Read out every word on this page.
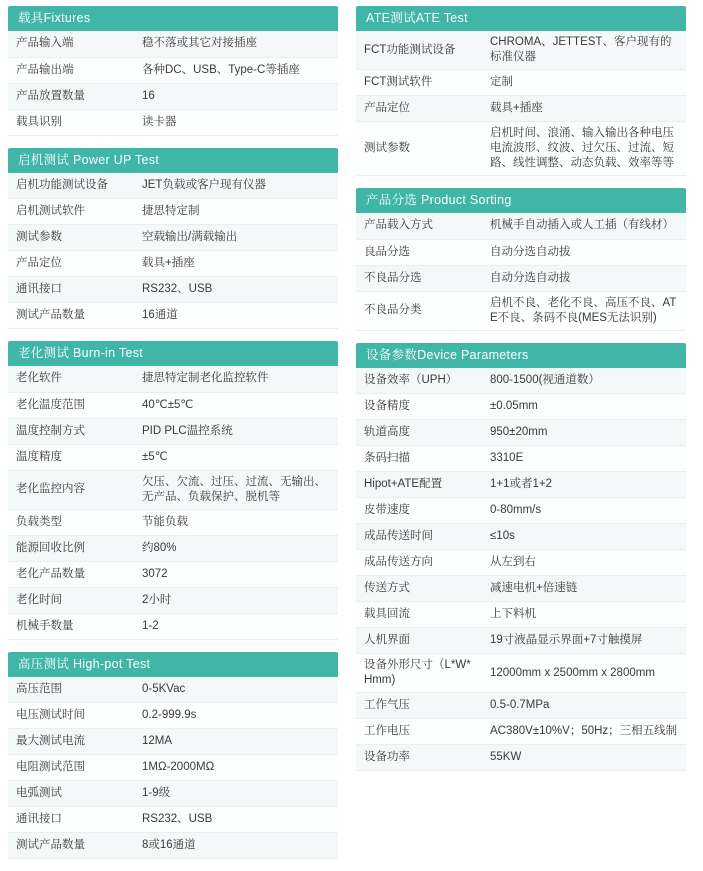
载具Fixtures
产品输入端	稳不落或其它对接插座
产品输出端	各种DC、USB、Type-C等插座
产品放置数量	16
载具识别	读卡器
启机测试 Power UP Test
启机功能测试设备	JET负载或客户现有仪器
启机测试软件	捷思特定制
测试参数	空载输出/满载输出
产品定位	载具+插座
通讯接口	RS232、USB
测试产品数量	16通道
老化测试 Burn-in Test
老化软件	捷思特定制老化监控软件
老化温度范围	40℃±5℃
温度控制方式	PID PLC温控系统
温度精度	±5℃
老化监控内容	欠压、欠流、过压、过流、无输出、无产品、负载保护、脱机等
负载类型	节能负载
能源回收比例	约80%
老化产品数量	3072
老化时间	2小时
机械手数量	1-2
高压测试 High-pot Test
高压范围	0-5KVac
电压测试时间	0.2-999.9s
最大测试电流	12MA
电阻测试范围	1MΩ-2000MΩ
电弧测试	1-9级
通讯接口	RS232、USB
测试产品数量	8或16通道
ATE测试ATE Test
FCT功能测试设备	CHROMA、JETTEST、客户现有的标准仪器
FCT测试软件	定制
产品定位	载具+插座
测试参数	启机时间、浪涌、输入输出各种电压电流波形、纹波、过欠压、过流、短路、线性调整、动态负载、效率等等
产品分选 Product Sorting
产品载入方式	机械手自动插入或人工插（有线材）
良品分选	自动分选自动拔
不良品分选	自动分选自动拔
不良品分类	启机不良、老化不良、高压不良、ATE不良、条码不良(MES无法识别)
设备参数Device Parameters
设备效率（UPH）	800-1500(视通道数）
设备精度	±0.05mm
轨道高度	950±20mm
条码扫描	3310E
Hipot+ATE配置	1+1或者1+2
皮带速度	0-80mm/s
成品传送时间	≤10s
成品传送方向	从左到右
传送方式	减速电机+倍速链
载具回流	上下料机
人机界面	19寸液晶显示界面+7寸触摸屏
设备外形尺寸（L*W*Hmm)	12000mm x 2500mm x 2800mm
工作气压	0.5-0.7MPa
工作电压	AC380V±10%V；50Hz；三相五线制
设备功率	55KW
